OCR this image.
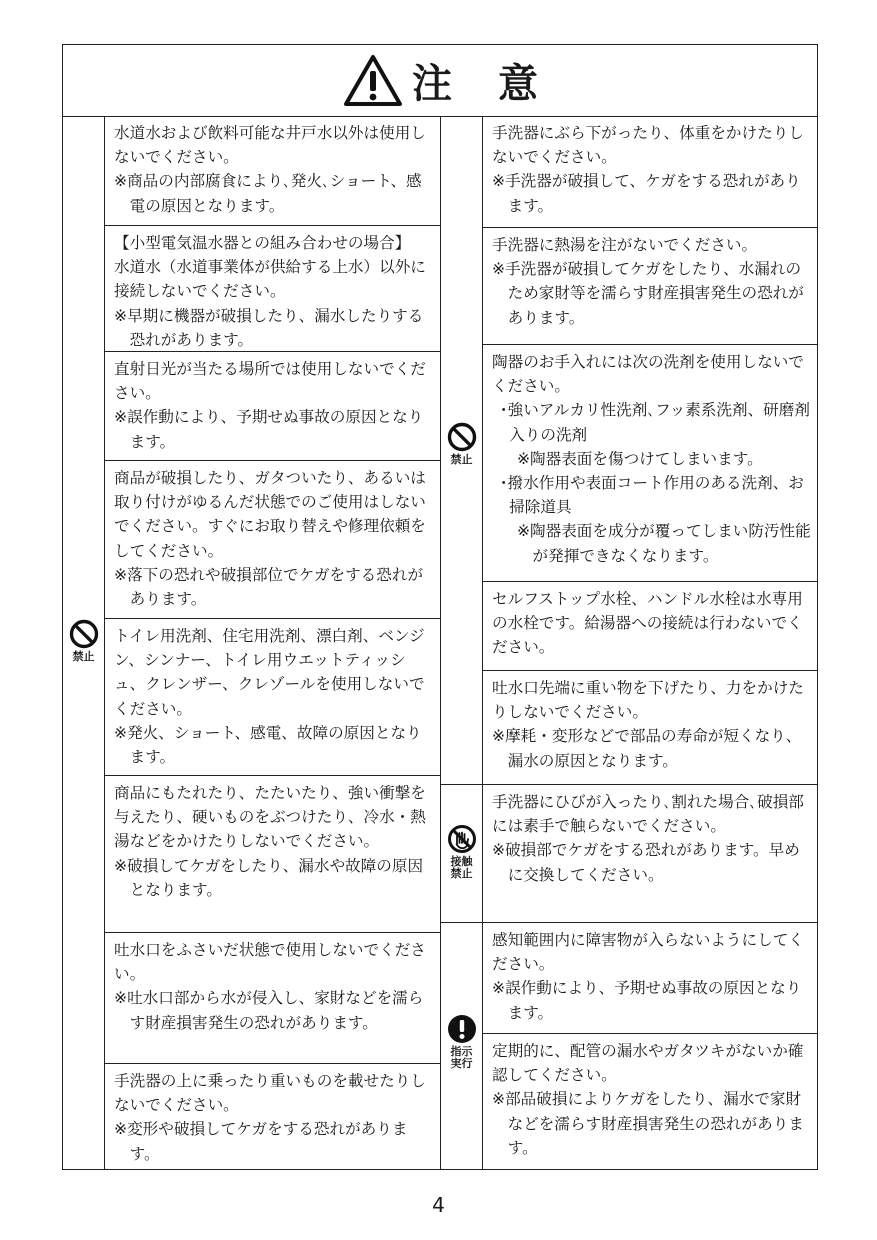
注 意
禁止

水道水および飲料可能な井戸水以外は使用しないでください。

※商品の内部腐食により､発火､ショート、感電の原因となります。

【小型電気温水器との組み合わせの場合】

水道水（水道事業体が供給する上水）以外に接続しないでください。

※早期に機器が破損したり、漏水したりする恐れがあります。

直射日光が当たる場所では使用しないでください。

※誤作動により、予期せぬ事故の原因となります。

商品が破損したり、ガタついたり、あるいは取り付けがゆるんだ状態でのご使用はしないでください。すぐにお取り替えや修理依頼をしてください。

※落下の恐れや破損部位でケガをする恐れがあります。

トイレ用洗剤、住宅用洗剤、漂白剤、ベンジン、シンナー、トイレ用ウエットティッシュ、クレンザー、クレゾールを使用しないでください。

※発火、ショート、感電、故障の原因となります。

商品にもたれたり、たたいたり、強い衝撃を与えたり、硬いものをぶつけたり、冷水・熱湯などをかけたりしないでください。

※破損してケガをしたり、漏水や故障の原因となります。

吐水口をふさいだ状態で使用しないでください。

※吐水口部から水が侵入し、家財などを濡らす財産損害発生の恐れがあります。

手洗器の上に乗ったり重いものを載せたりしないでください。

※変形や破損してケガをする恐れがあります。

禁止
接触
禁止
指示
実行

手洗器にぶら下がったり、体重をかけたりしないでください。

※手洗器が破損して、ケガをする恐れがあります。

手洗器に熱湯を注がないでください。

※手洗器が破損してケガをしたり、水漏れのため家財等を濡らす財産損害発生の恐れがあります。

陶器のお手入れには次の洗剤を使用しないでください。

･強いアルカリ性洗剤､フッ素系洗剤、研磨剤入りの洗剤

※陶器表面を傷つけてしまいます。

･撥水作用や表面コート作用のある洗剤、お掃除道具

※陶器表面を成分が覆ってしまい防汚性能が発揮できなくなります。

セルフストップ水栓、ハンドル水栓は水専用の水栓です。給湯器への接続は行わないでください。

吐水口先端に重い物を下げたり、力をかけたりしないでください。

※摩耗・変形などで部品の寿命が短くなり、漏水の原因となります。

手洗器にひびが入ったり､割れた場合､破損部には素手で触らないでください。

※破損部でケガをする恐れがあります。早めに交換してください。

感知範囲内に障害物が入らないようにしてください。

※誤作動により、予期せぬ事故の原因となります。

定期的に、配管の漏水やガタツキがないか確認してください。

※部品破損によりケガをしたり、漏水で家財などを濡らす財産損害発生の恐れがあります。

4
